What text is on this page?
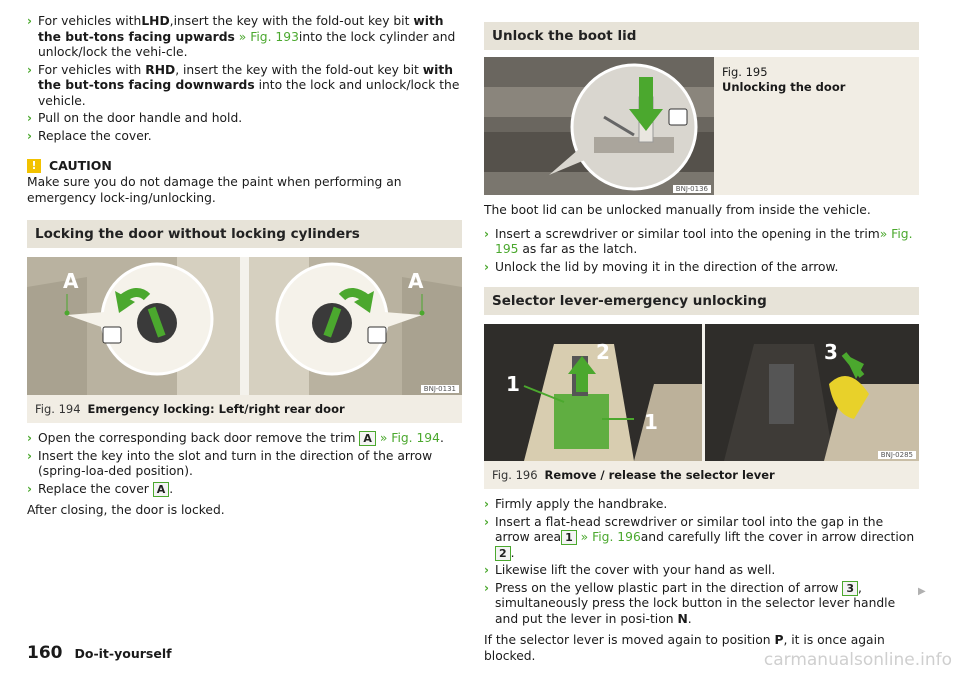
› For vehicles withLHD,insert the key with the fold-out key bit with the but-tons facing upwards » Fig. 193into the lock cylinder and unlock/lock the vehi-cle.
› For vehicles with RHD, insert the key with the fold-out key bit with the but-tons facing downwards into the lock and unlock/lock the vehicle.
› Pull on the door handle and hold.
› Replace the cover.
! CAUTION

Make sure you do not damage the paint when performing an emergency lock-ing/unlocking.

Locking the door without locking cylinders
A	A
BNJ-0131
Fig. 194 Emergency locking: Left/right rear door
› Open the corresponding back door remove the trim A » Fig. 194.
› Insert the key into the slot and turn in the direction of the arrow (spring-loa-ded position).
› Replace the cover A .

After closing, the door is locked.

Unlock the boot lid
BNJ-0136
Fig. 195
Unlocking the door

The boot lid can be unlocked manually from inside the vehicle.

› Insert a screwdriver or similar tool into the opening in the trim» Fig. 195 as far as the latch.
› Unlock the lid by moving it in the direction of the arrow.
Selector lever-emergency unlocking
1
2
1
3
BNJ-0285
Fig. 196 Remove / release the selector lever
› Firmly apply the handbrake.
› Insert a flat-head screwdriver or similar tool into the gap in the arrow area 1 » Fig. 196and carefully lift the cover in arrow direction 2 .
› Likewise lift the cover with your hand as well.
› Press on the yellow plastic part in the direction of arrow 3 , simultaneously press the lock button in the selector lever handle and put the lever in posi-tion N.

If the selector lever is moved again to position P, it is once again blocked.

▶
160 Do-it-yourself	carmanualsonline.info
